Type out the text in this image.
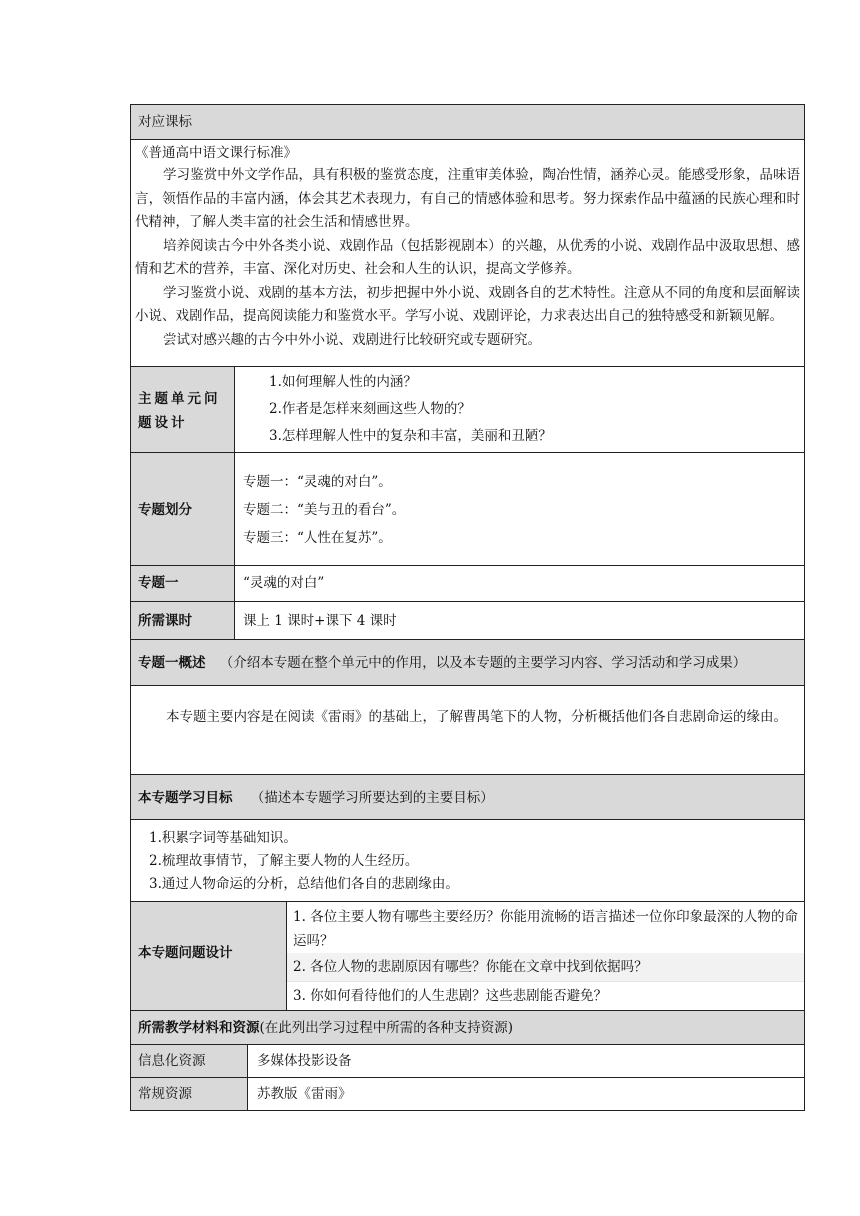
对应课标
《普通高中语文课行标准》

学习鉴赏中外文学作品，具有积极的鉴赏态度，注重审美体验，陶冶性情，涵养心灵。能感受形象，品味语言，领悟作品的丰富内涵，体会其艺术表现力，有自己的情感体验和思考。努力探索作品中蕴涵的民族心理和时代精神，了解人类丰富的社会生活和情感世界。

培养阅读古今中外各类小说、戏剧作品（包括影视剧本）的兴趣，从优秀的小说、戏剧作品中汲取思想、感情和艺术的营养，丰富、深化对历史、社会和人生的认识，提高文学修养。

学习鉴赏小说、戏剧的基本方法，初步把握中外小说、戏剧各自的艺术特性。注意从不同的角度和层面解读小说、戏剧作品，提高阅读能力和鉴赏水平。学写小说、戏剧评论，力求表达出自己的独特感受和新颖见解。

尝试对感兴趣的古今中外小说、戏剧进行比较研究或专题研究。

主题单元问题设计
1.如何理解人性的内涵？
2.作者是怎样来刻画这些人物的？
3.怎样理解人性中的复杂和丰富，美丽和丑陋？
专题划分
专题一：“灵魂的对白”。
专题二：“美与丑的看台”。
专题三：“人性在复苏”。
专题一	“灵魂的对白”
所需课时	课上 1 课时+课下 4 课时
专题一概述 （介绍本专题在整个单元中的作用，以及本专题的主要学习内容、学习活动和学习成果）

本专题主要内容是在阅读《雷雨》的基础上，了解曹禺笔下的人物，分析概括他们各自悲剧命运的缘由。

本专题学习目标 （描述本专题学习所要达到的主要目标）
1.积累字词等基础知识。
2.梳理故事情节，了解主要人物的人生经历。
3.通过人物命运的分析，总结他们各自的悲剧缘由。
本专题问题设计

1. 各位主要人物有哪些主要经历？你能用流畅的语言描述一位你印象最深的人物的命运吗？

2. 各位人物的悲剧原因有哪些？你能在文章中找到依据吗？
3. 你如何看待他们的人生悲剧？这些悲剧能否避免？
所需教学材料和资源(在此列出学习过程中所需的各种支持资源)
信息化资源	多媒体投影设备
常规资源	苏教版《雷雨》
